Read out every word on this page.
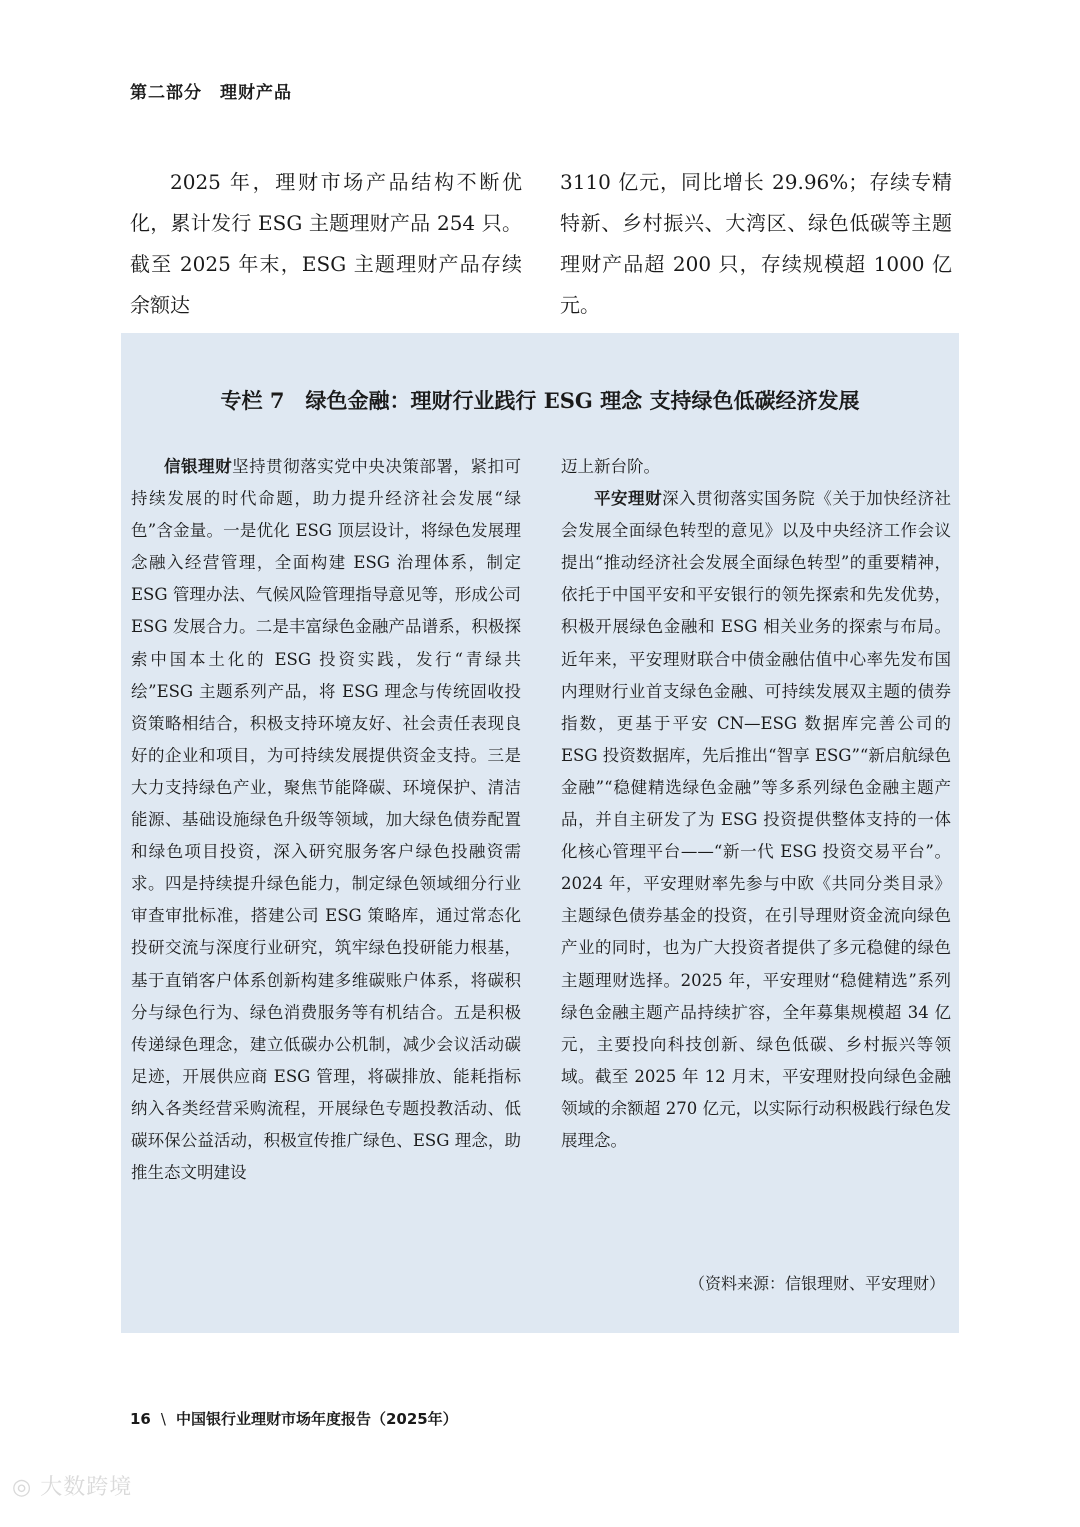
第二部分　理财产品
2025 年，理财市场产品结构不断优化，累计发行 ESG 主题理财产品 254 只。截至 2025 年末，ESG 主题理财产品存续余额达
3110 亿元，同比增长 29.96%；存续专精特新、乡村振兴、大湾区、绿色低碳等主题理财产品超 200 只，存续规模超 1000 亿元。
专栏 7　绿色金融：理财行业践行 ESG 理念 支持绿色低碳经济发展

信银理财坚持贯彻落实党中央决策部署，紧扣可持续发展的时代命题，助力提升经济社会发展“绿色”含金量。一是优化 ESG 顶层设计，将绿色发展理念融入经营管理，全面构建 ESG 治理体系，制定 ESG 管理办法、气候风险管理指导意见等，形成公司 ESG 发展合力。二是丰富绿色金融产品谱系，积极探索中国本土化的 ESG 投资实践，发行“青绿共绘”ESG 主题系列产品，将 ESG 理念与传统固收投资策略相结合，积极支持环境友好、社会责任表现良好的企业和项目，为可持续发展提供资金支持。三是大力支持绿色产业，聚焦节能降碳、环境保护、清洁能源、基础设施绿色升级等领域，加大绿色债券配置和绿色项目投资，深入研究服务客户绿色投融资需求。四是持续提升绿色能力，制定绿色领域细分行业审查审批标准，搭建公司 ESG 策略库，通过常态化投研交流与深度行业研究，筑牢绿色投研能力根基，基于直销客户体系创新构建多维碳账户体系，将碳积分与绿色行为、绿色消费服务等有机结合。五是积极传递绿色理念，建立低碳办公机制，减少会议活动碳足迹，开展供应商 ESG 管理，将碳排放、能耗指标纳入各类经营采购流程，开展绿色专题投教活动、低碳环保公益活动，积极宣传推广绿色、ESG 理念，助推生态文明建设

迈上新台阶。

平安理财深入贯彻落实国务院《关于加快经济社会发展全面绿色转型的意见》以及中央经济工作会议提出“推动经济社会发展全面绿色转型”的重要精神，依托于中国平安和平安银行的领先探索和先发优势，积极开展绿色金融和 ESG 相关业务的探索与布局。近年来，平安理财联合中债金融估值中心率先发布国内理财行业首支绿色金融、可持续发展双主题的债券指数，更基于平安 CN—ESG 数据库完善公司的 ESG 投资数据库，先后推出“智享 ESG”“新启航绿色金融”“稳健精选绿色金融”等多系列绿色金融主题产品，并自主研发了为 ESG 投资提供整体支持的一体化核心管理平台——“新一代 ESG 投资交易平台”。2024 年，平安理财率先参与中欧《共同分类目录》主题绿色债券基金的投资，在引导理财资金流向绿色产业的同时，也为广大投资者提供了多元稳健的绿色主题理财选择。2025 年，平安理财“稳健精选”系列绿色金融主题产品持续扩容，全年募集规模超 34 亿元，主要投向科技创新、绿色低碳、乡村振兴等领域。截至 2025 年 12 月末，平安理财投向绿色金融领域的余额超 270 亿元，以实际行动积极践行绿色发展理念。

（资料来源：信银理财、平安理财）
16 \ 中国银行业理财市场年度报告（2025年）
◎ 大数跨境
